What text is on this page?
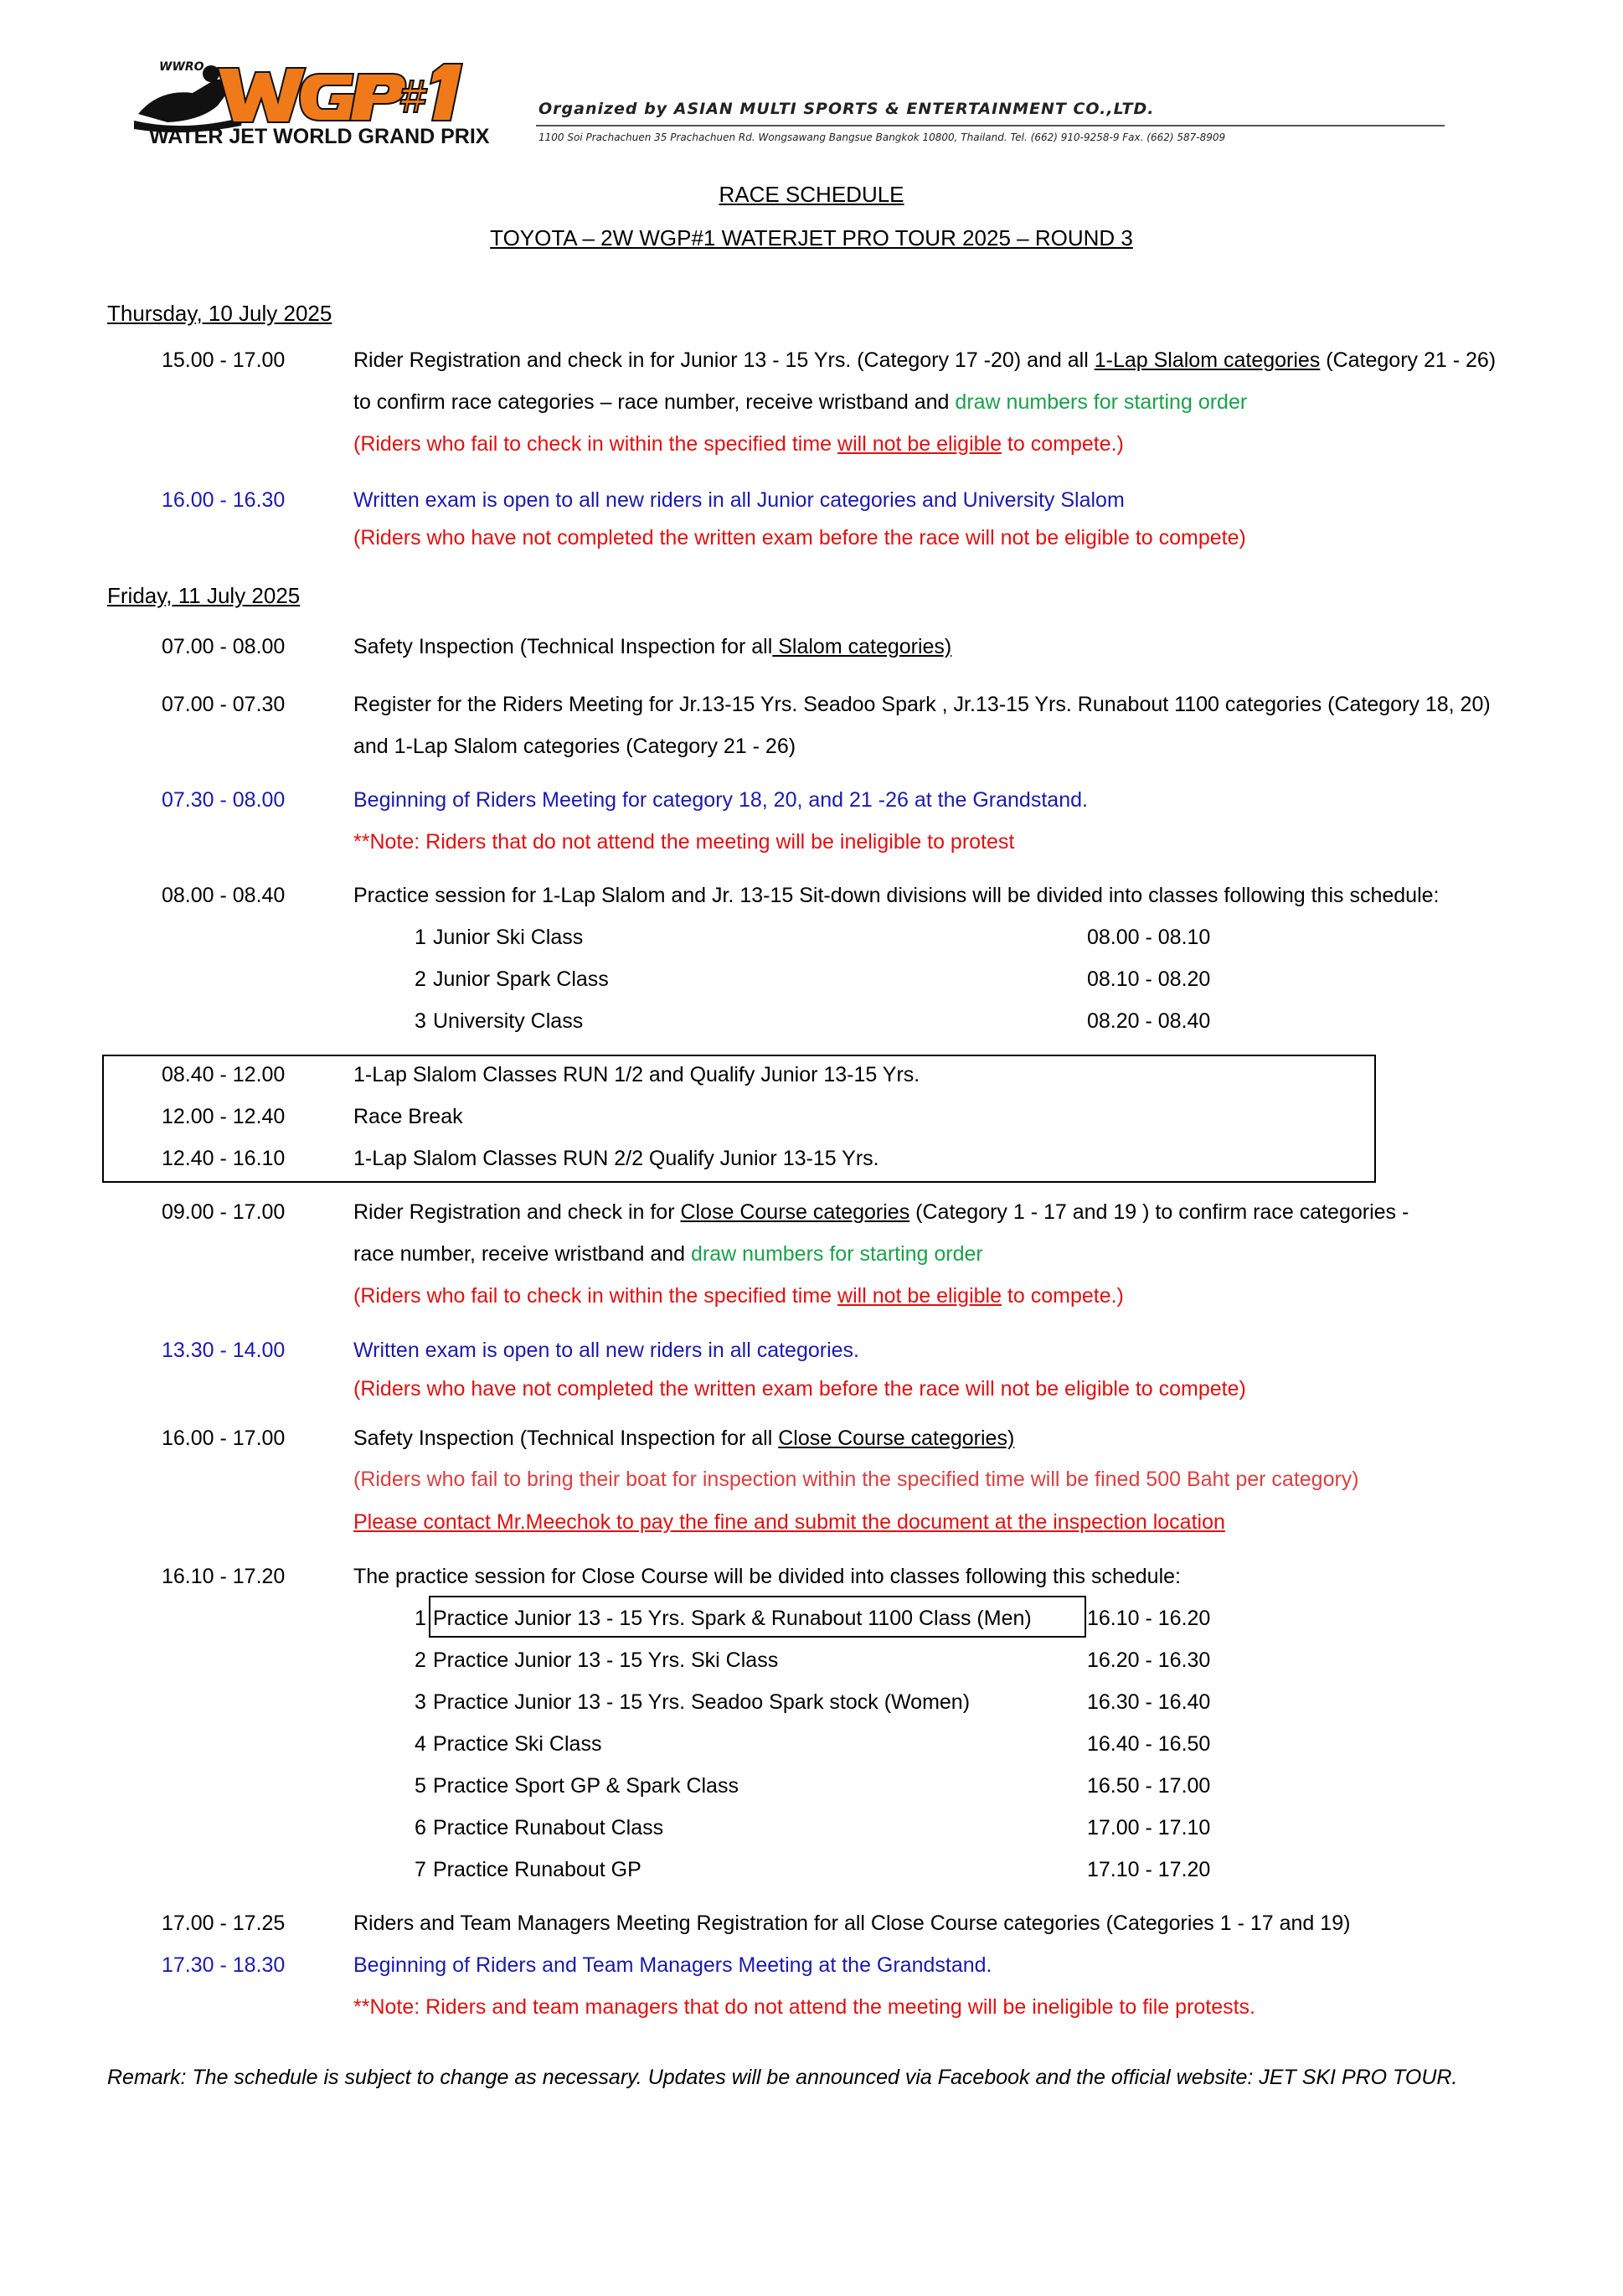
WWRO
WATER JET WORLD GRAND PRIX
Organized by ASIAN MULTI SPORTS & ENTERTAINMENT CO.,LTD.
1100 Soi Prachachuen 35 Prachachuen Rd. Wongsawang Bangsue Bangkok 10800, Thailand. Tel. (662) 910-9258-9 Fax. (662) 587-8909
RACE SCHEDULE
TOYOTA – 2W WGP#1 WATERJET PRO TOUR 2025 – ROUND 3
Thursday, 10 July 2025
15.00 - 17.00	Rider Registration and check in for Junior 13 - 15 Yrs. (Category 17 -20) and all 1-Lap Slalom categories (Category 21 - 26)
to confirm race categories – race number, receive wristband and draw numbers for starting order
(Riders who fail to check in within the specified time will not be eligible to compete.)
16.00 - 16.30	Written exam is open to all new riders in all Junior categories and University Slalom
(Riders who have not completed the written exam before the race will not be eligible to compete)
Friday, 11 July 2025
07.00 - 08.00	Safety Inspection (Technical Inspection for all Slalom categories)
07.00 - 07.30	Register for the Riders Meeting for Jr.13-15 Yrs. Seadoo Spark , Jr.13-15 Yrs. Runabout 1100 categories (Category 18, 20)
and 1-Lap Slalom categories (Category 21 - 26)
07.30 - 08.00	Beginning of Riders Meeting for category 18, 20, and 21 -26 at the Grandstand.
**Note: Riders that do not attend the meeting will be ineligible to protest
08.00 - 08.40	Practice session for 1-Lap Slalom and Jr. 13-15 Sit-down divisions will be divided into classes following this schedule:
1 Junior Ski Class	08.00 - 08.10
2 Junior Spark Class	08.10 - 08.20
3 University Class	08.20 - 08.40
08.40 - 12.00	1-Lap Slalom Classes RUN 1/2 and Qualify Junior 13-15 Yrs.
12.00 - 12.40	Race Break
12.40 - 16.10	1-Lap Slalom Classes RUN 2/2 Qualify Junior 13-15 Yrs.
09.00 - 17.00	Rider Registration and check in for Close Course categories (Category 1 - 17 and 19 ) to confirm race categories -
race number, receive wristband and draw numbers for starting order
(Riders who fail to check in within the specified time will not be eligible to compete.)
13.30 - 14.00	Written exam is open to all new riders in all categories.
(Riders who have not completed the written exam before the race will not be eligible to compete)
16.00 - 17.00	Safety Inspection (Technical Inspection for all Close Course categories)
(Riders who fail to bring their boat for inspection within the specified time will be fined 500 Baht per category)
Please contact Mr.Meechok to pay the fine and submit the document at the inspection location
16.10 - 17.20	The practice session for Close Course will be divided into classes following this schedule:
1 Practice Junior 13 - 15 Yrs. Spark & Runabout 1100 Class (Men)	16.10 - 16.20
2 Practice Junior 13 - 15 Yrs. Ski Class	16.20 - 16.30
3 Practice Junior 13 - 15 Yrs. Seadoo Spark stock (Women)	16.30 - 16.40
4 Practice Ski Class	16.40 - 16.50
5 Practice Sport GP & Spark Class	16.50 - 17.00
6 Practice Runabout Class	17.00 - 17.10
7 Practice Runabout GP	17.10 - 17.20
17.00 - 17.25	Riders and Team Managers Meeting Registration for all Close Course categories (Categories 1 - 17 and 19)
17.30 - 18.30	Beginning of Riders and Team Managers Meeting at the Grandstand.
**Note: Riders and team managers that do not attend the meeting will be ineligible to file protests.
Remark: The schedule is subject to change as necessary. Updates will be announced via Facebook and the official website: JET SKI PRO TOUR.
